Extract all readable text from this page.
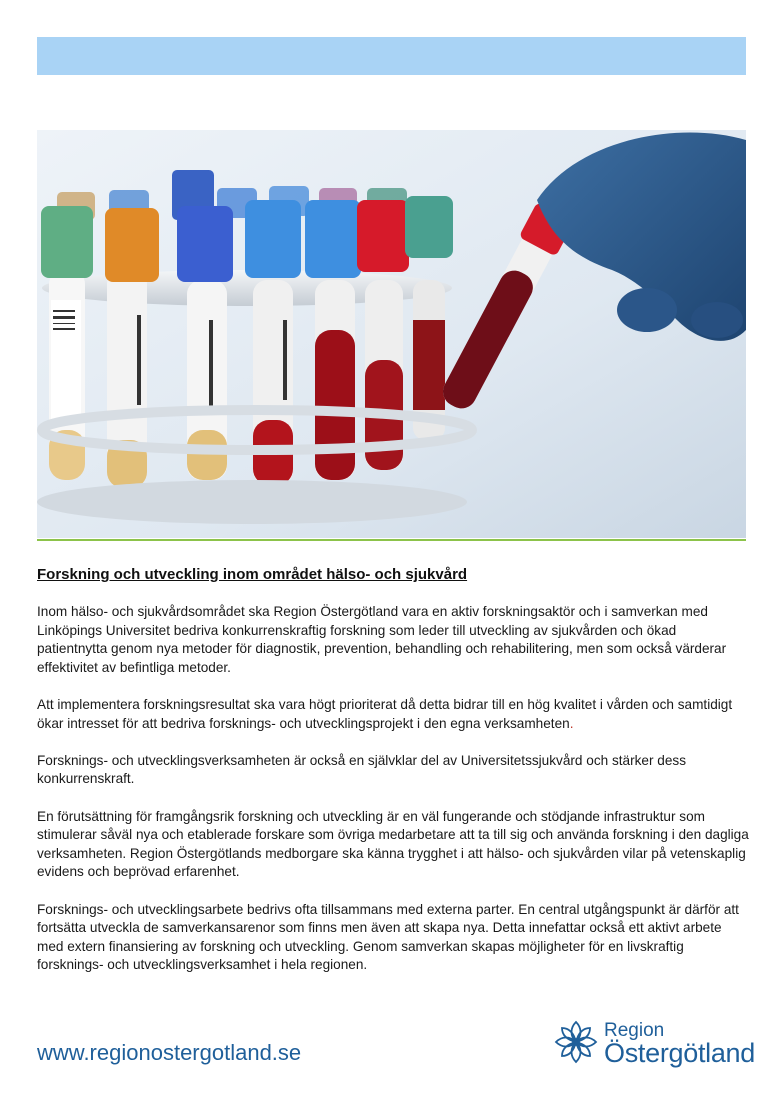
Forskning och utveckling inom området hälso- och sjukvård

Inom hälso- och sjukvårdsområdet ska Region Östergötland vara en aktiv forskningsaktör och i samverkan med Linköpings Universitet bedriva konkurrenskraftig forskning som leder till utveckling av sjukvården och ökad patientnytta genom nya metoder för diagnostik, prevention, behandling och rehabilitering, men som också värderar effektivitet av befintliga metoder.

Att implementera forskningsresultat ska vara högt prioriterat då detta bidrar till en hög kvalitet i vården och samtidigt ökar intresset för att bedriva forsknings- och utvecklingsprojekt i den egna verksamheten.

Forsknings- och utvecklingsverksamheten är också en självklar del av Universitetssjukvård och stärker dess konkurrenskraft.

En förutsättning för framgångsrik forskning och utveckling är en väl fungerande och stödjande infrastruktur som stimulerar såväl nya och etablerade forskare som övriga medarbetare att ta till sig och använda forskning i den dagliga verksamheten. Region Östergötlands medborgare ska känna trygghet i att hälso- och sjukvården vilar på vetenskaplig evidens och beprövad erfarenhet.

Forsknings- och utvecklingsarbete bedrivs ofta tillsammans med externa parter. En central utgångspunkt är därför att fortsätta utveckla de samverkansarenor som finns men även att skapa nya. Detta innefattar också ett aktivt arbete med extern finansiering av forskning och utveckling. Genom samverkan skapas möjligheter för en livskraftig forsknings- och utvecklingsverksamhet i hela regionen.

www.regionostergotland.se
Region
Östergötland
